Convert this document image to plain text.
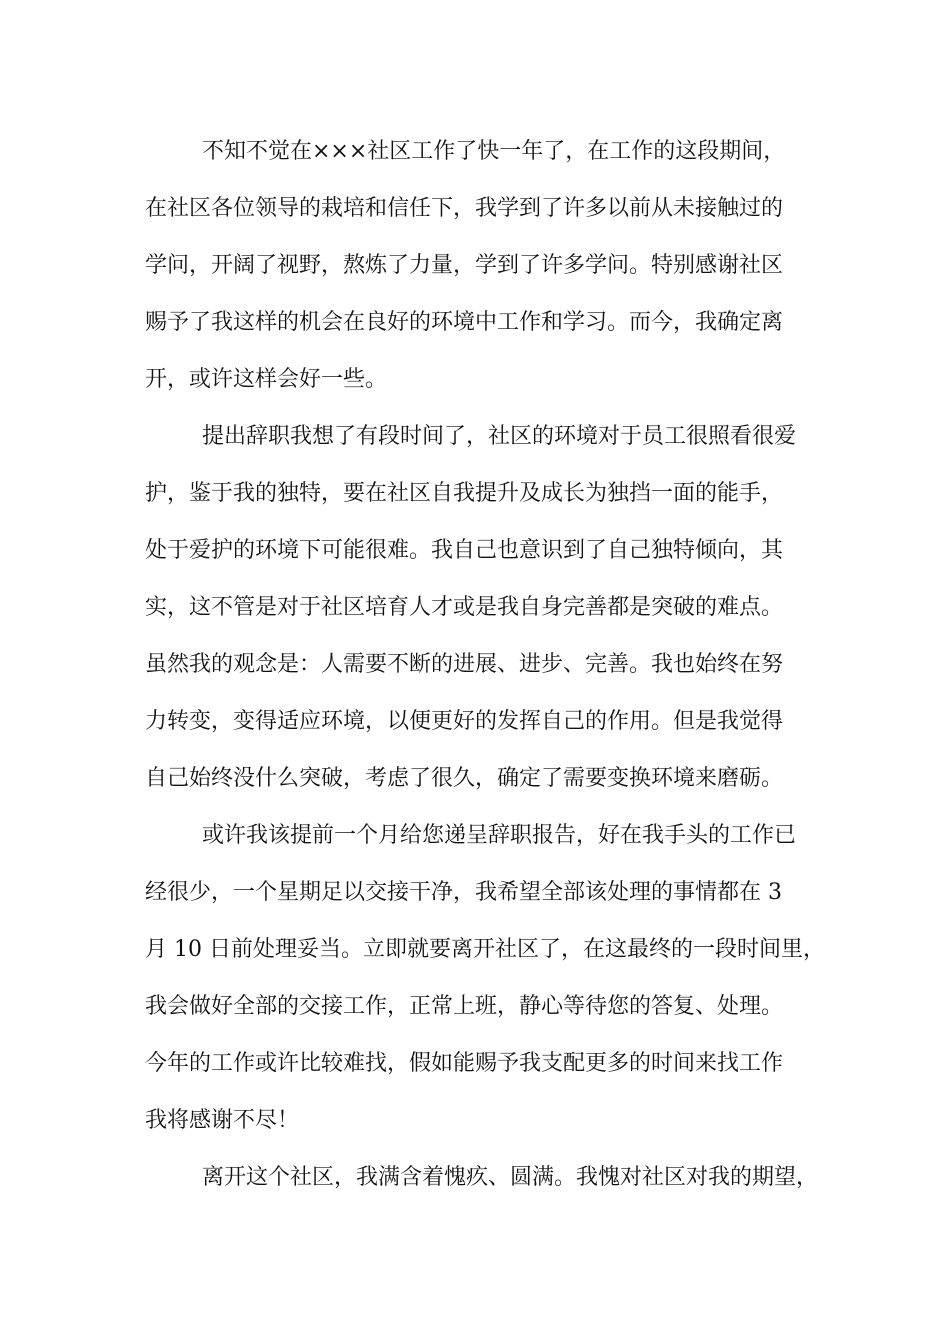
不知不觉在×××社区工作了快一年了，在工作的这段期间，
在社区各位领导的栽培和信任下，我学到了许多以前从未接触过的
学问，开阔了视野，熬炼了力量，学到了许多学问。特别感谢社区
赐予了我这样的机会在良好的环境中工作和学习。而今，我确定离
开，或许这样会好一些。
提出辞职我想了有段时间了，社区的环境对于员工很照看很爱
护，鉴于我的独特，要在社区自我提升及成长为独挡一面的能手，
处于爱护的环境下可能很难。我自己也意识到了自己独特倾向，其
实，这不管是对于社区培育人才或是我自身完善都是突破的难点。
虽然我的观念是：人需要不断的进展、进步、完善。我也始终在努
力转变，变得适应环境，以便更好的发挥自己的作用。但是我觉得
自己始终没什么突破，考虑了很久，确定了需要变换环境来磨砺。
或许我该提前一个月给您递呈辞职报告，好在我手头的工作已
经很少，一个星期足以交接干净，我希望全部该处理的事情都在 3
月 10 日前处理妥当。立即就要离开社区了，在这最终的一段时间里，
我会做好全部的交接工作，正常上班，静心等待您的答复、处理。
今年的工作或许比较难找，假如能赐予我支配更多的时间来找工作
我将感谢不尽！
离开这个社区，我满含着愧疚、圆满。我愧对社区对我的期望，
